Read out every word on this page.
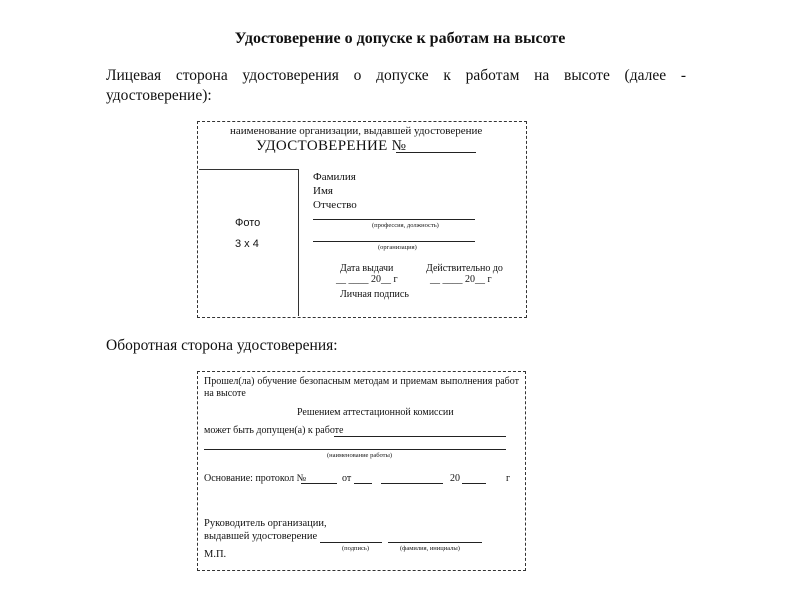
Удостоверение о допуске к работам на высоте
Лицевая сторона удостоверения о допуске к работам на высоте (далее - удостоверение):
наименование организации, выдавшей удостоверение
УДОСТОВЕРЕНИЕ №
Фото
3 х 4
Фамилия
Имя
Отчество
(профессия, должность)
(организация)
Дата выдачи	Действительно до
__ ____ 20__ г	__ ____ 20__ г
Личная подпись
Оборотная сторона удостоверения:
Прошел(ла) обучение безопасным методам и приемам выполнения работ на высоте
Решением аттестационной комиссии
может быть допущен(а) к работе
(наименование работы)
Основание: протокол №	от	20	г
Руководитель организации,
выдавшей удостоверение
(подпись)	(фамилия, инициалы)
М.П.
